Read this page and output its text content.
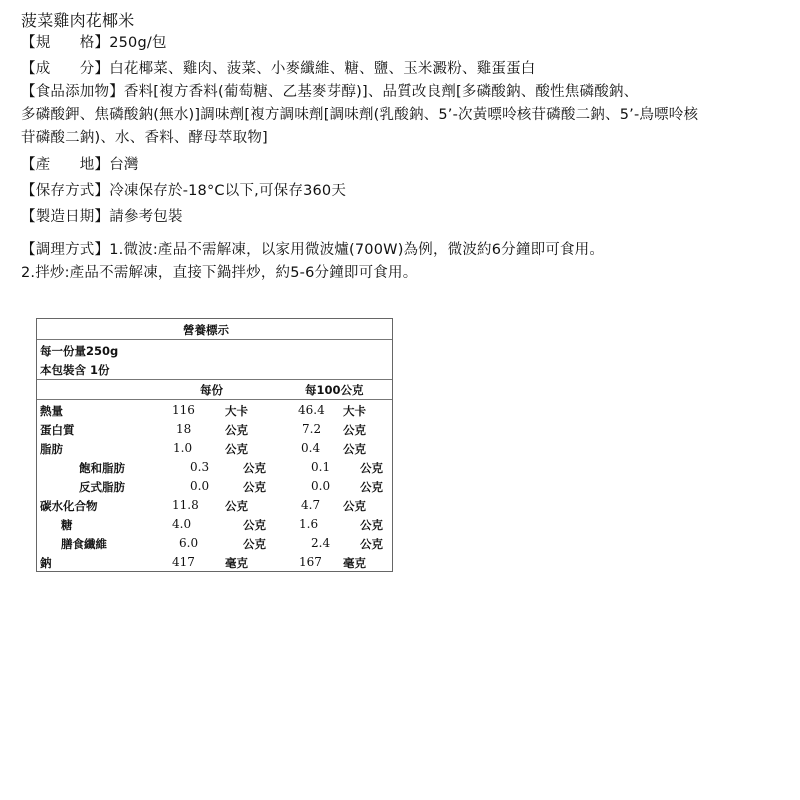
菠菜雞肉花椰米
【規　　格】250g/包
【成　　分】白花椰菜、雞肉、菠菜、小麥纖維、糖、鹽、玉米澱粉、雞蛋蛋白
【食品添加物】香料[複方香料(葡萄糖、乙基麥芽醇)]、品質改良劑[多磷酸鈉、酸性焦磷酸鈉、
多磷酸鉀、焦磷酸鈉(無水)]調味劑[複方調味劑[調味劑(乳酸鈉、5’-次黃嘌呤核苷磷酸二鈉、5’-鳥嘌呤核
苷磷酸二鈉)、水、香料、酵母萃取物]
【產　　地】台灣
【保存方式】冷凍保存於-18°C以下,可保存360天
【製造日期】請參考包裝
【調理方式】1.微波:產品不需解凍，以家用微波爐(700W)為例，微波約6分鐘即可食用。
2.拌炒:產品不需解凍，直接下鍋拌炒，約5-6分鐘即可食用。
營養標示
每一份量250g
本包裝含 1份
每份	每100公克
熱量	116	大卡	46.4 大卡
蛋白質	18	公克	7.2 公克
脂肪	1.0	公克	0.4 公克
飽和脂肪	0.3	公克	0.1	公克
反式脂肪	0.0	公克	0.0	公克
碳水化合物	11.8 公克	4.7 公克
糖	4.0	公克	1.6	公克
膳食纖維	6.0	公克	2.4	公克
鈉	417	毫克	167 毫克
